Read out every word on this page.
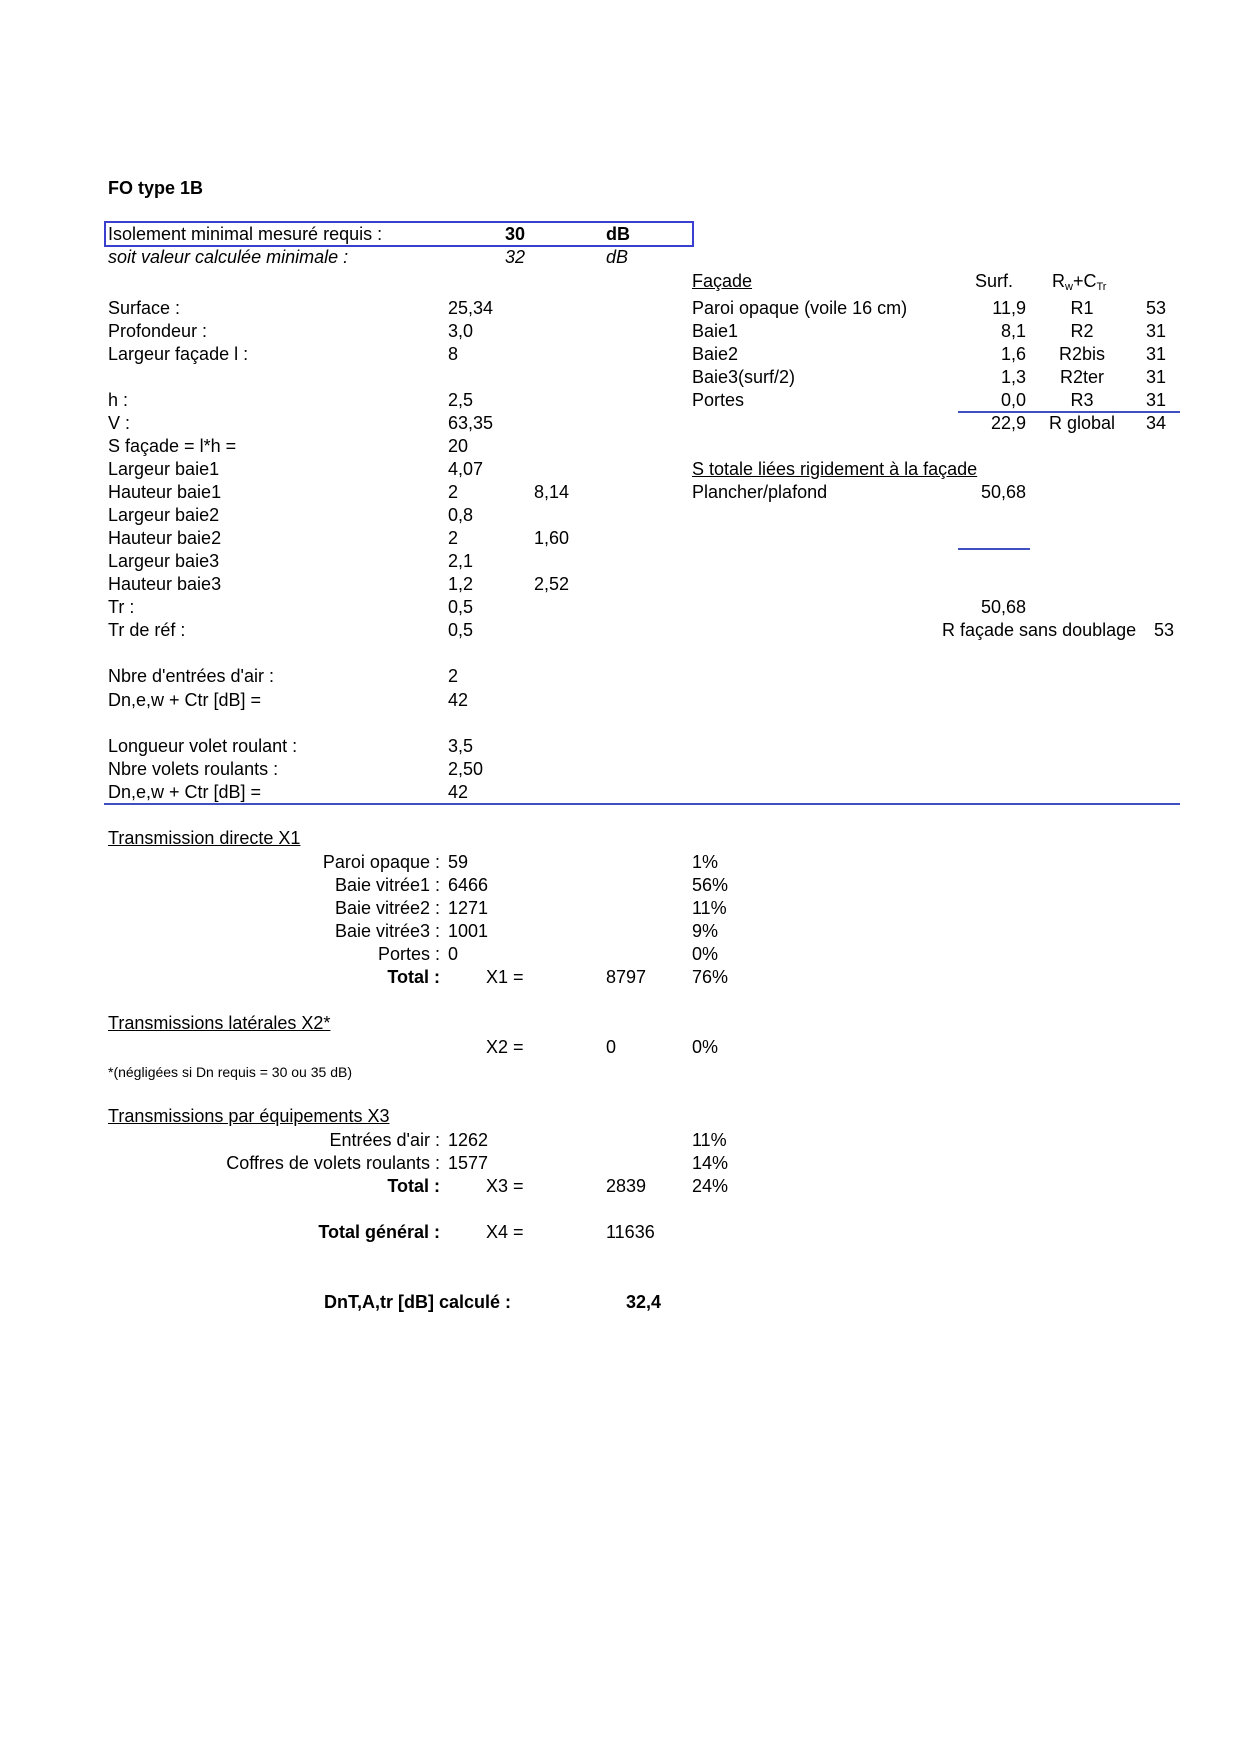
FO type 1B
Isolement minimal mesuré requis :	30	dB
soit valeur calculée minimale :	32	dB
Surface :	25,34
Profondeur :	3,0
Largeur façade l :	8
h :	2,5
V :	63,35
S façade = l*h =	20
Largeur baie1	4,07
Hauteur baie1	2	8,14
Largeur baie2	0,8
Hauteur baie2	2	1,60
Largeur baie3	2,1
Hauteur baie3	1,2	2,52
Tr :	0,5
Tr de réf :	0,5
Nbre d'entrées d'air :	2
Dn,e,w + Ctr [dB] =	42
Longueur volet roulant :	3,5
Nbre volets roulants :	2,50
Dn,e,w + Ctr [dB] =	42
Façade	Surf. $R_w+C_{Tr}$
Paroi opaque (voile 16 cm)	11,9	R1	53
Baie1	8,1	R2	31
Baie2	1,6	R2bis	31
Baie3(surf/2)	1,3	R2ter	31
Portes	0,0	R3	31
22,9	R global	34
S totale liées rigidement à la façade
Plancher/plafond	50,68
50,68
R façade sans doublage 53
Transmission directe X1
Paroi opaque : 59	1%
Baie vitrée1 : 6466	56%
Baie vitrée2 : 1271	11%
Baie vitrée3 : 1001	9%
Portes : 0	0%
Total :	X1 =	8797	76%
Transmissions latérales X2*
X2 =	0	0%
*(négligées si Dn requis = 30 ou 35 dB)
Transmissions par équipements X3
Entrées d'air : 1262	11%
Coffres de volets roulants : 1577	14%
Total :	X3 =	2839	24%
Total général :	X4 =	11636
DnT,A,tr [dB] calculé :	32,4
